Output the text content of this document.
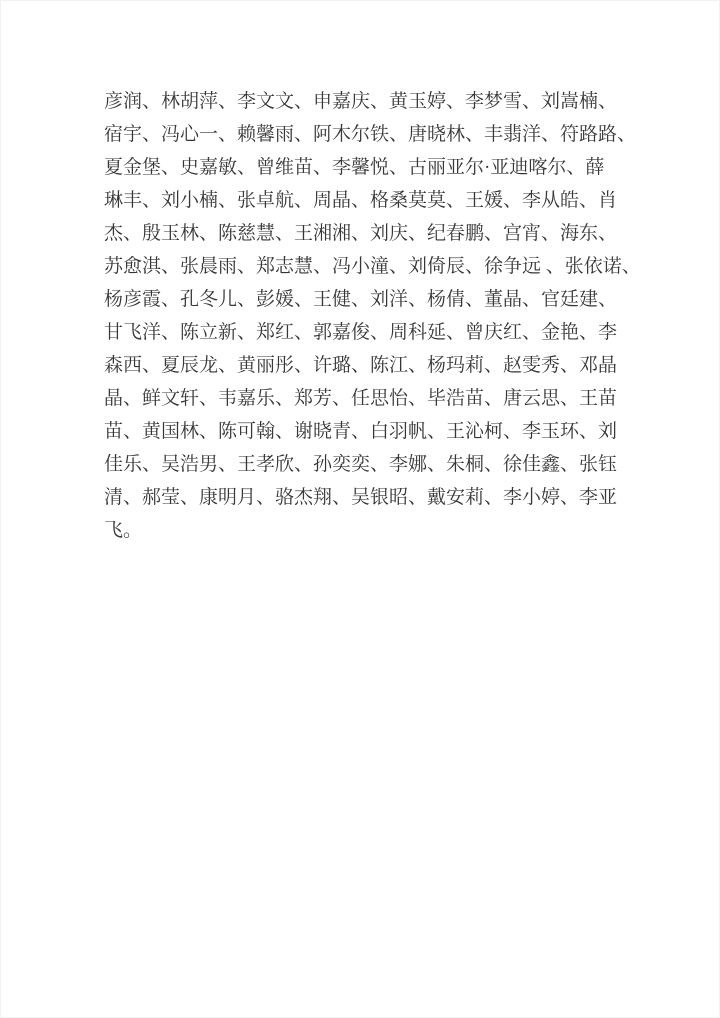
彦润、林胡萍、李文文、申嘉庆、黄玉婷、李梦雪、刘嵩楠、
宿宇、冯心一、赖馨雨、阿木尔铁、唐晓林、丰翡洋、符路路、
夏金堡、史嘉敏、曾维苗、李馨悦、古丽亚尔·亚迪喀尔、薛
琳丰、刘小楠、张卓航、周晶、格桑莫莫、王媛、李从皓、肖
杰、殷玉林、陈慈慧、王湘湘、刘庆、纪春鹏、宫宵、海东、
苏愈淇、张晨雨、郑志慧、冯小潼、刘倚辰、徐争远 、张依诺、
杨彦霞、孔冬儿、彭媛、王健、刘洋、杨倩、董晶、官廷建、
甘飞洋、陈立新、郑红、郭嘉俊、周科延、曾庆红、金艳、李
森西、夏辰龙、黄丽彤、许璐、陈江、杨玛莉、赵雯秀、邓晶
晶、鲜文轩、韦嘉乐、郑芳、任思怡、毕浩苗、唐云思、王苗
苗、黄国林、陈可翰、谢晓青、白羽帆、王沁柯、李玉环、刘
佳乐、吴浩男、王孝欣、孙奕奕、李娜、朱桐、徐佳鑫、张钰
清、郝莹、康明月、骆杰翔、吴银昭、戴安莉、李小婷、李亚
飞。
